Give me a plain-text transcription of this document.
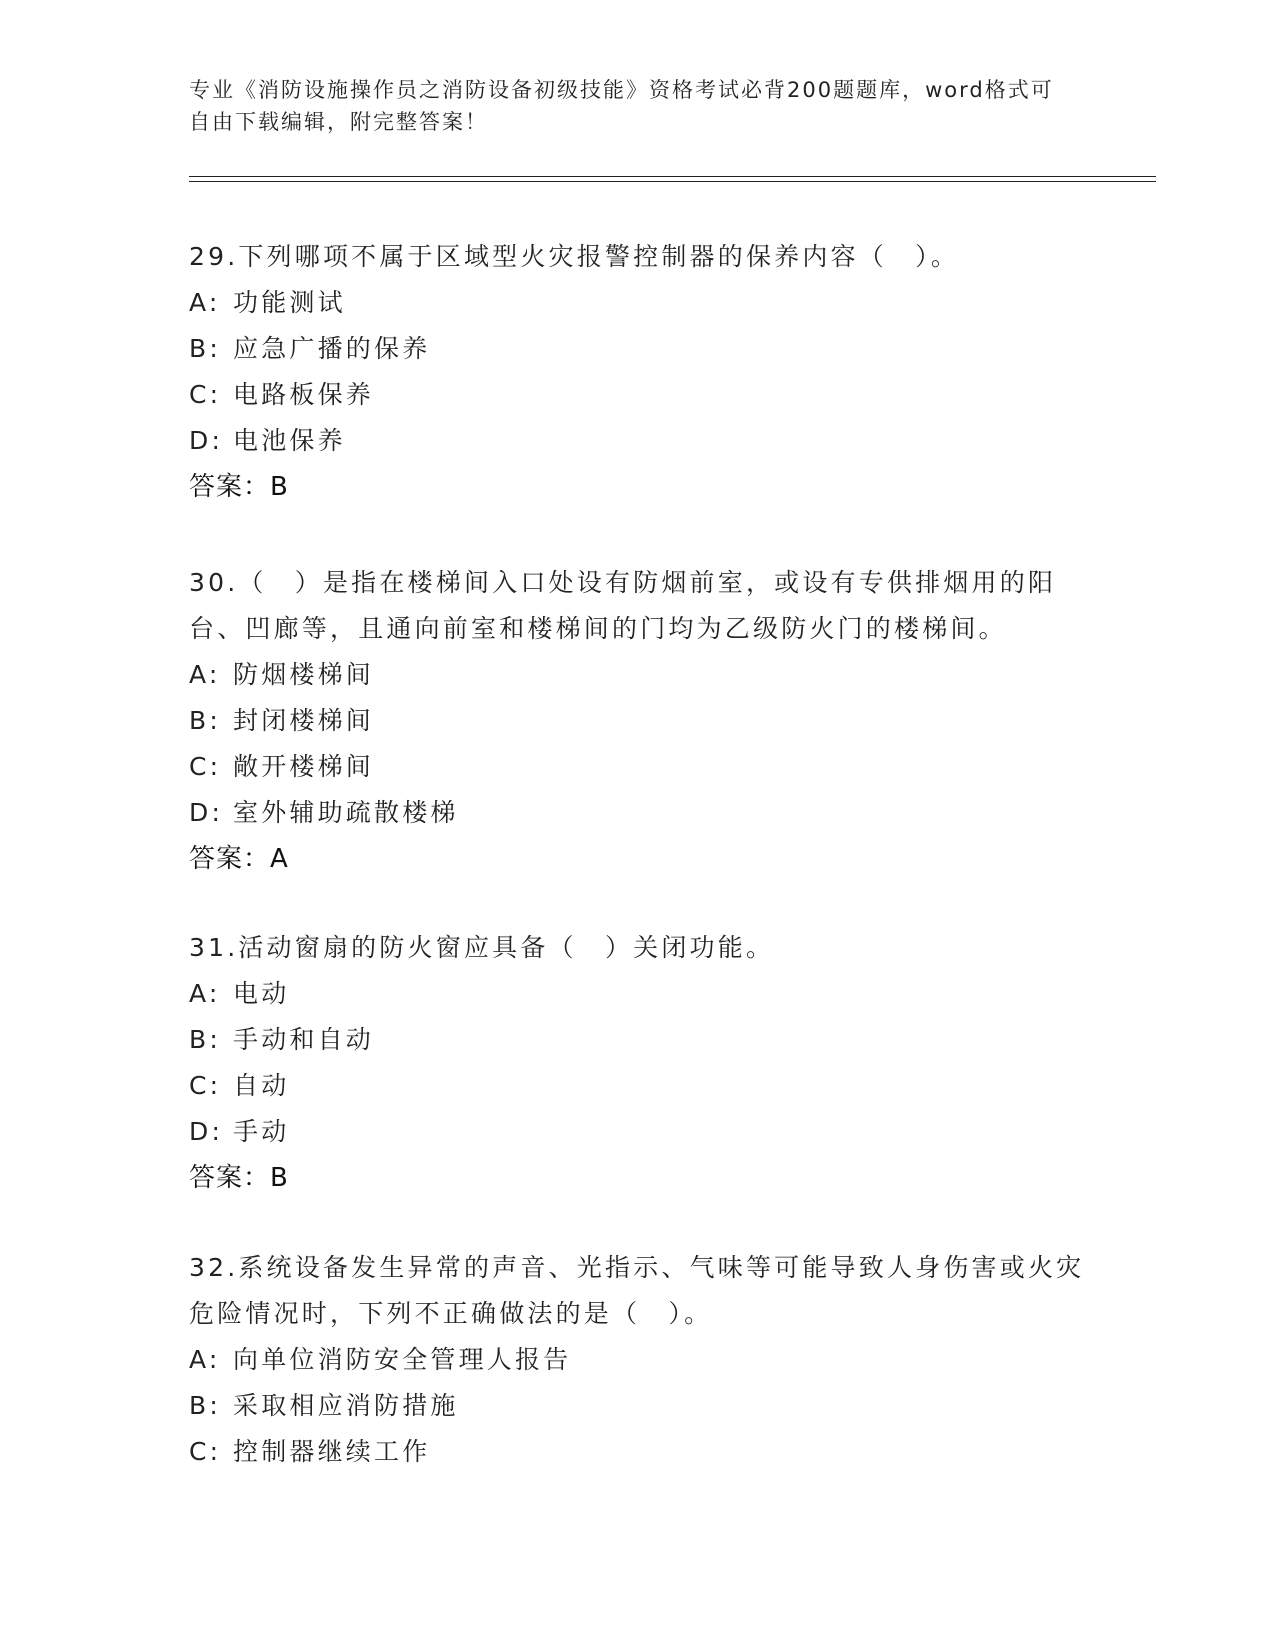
专业《消防设施操作员之消防设备初级技能》资格考试必背200题题库，word格式可自由下载编辑，附完整答案！
29.下列哪项不属于区域型火灾报警控制器的保养内容（　）。
A: 功能测试
B: 应急广播的保养
C: 电路板保养
D: 电池保养
答案：B
30.（　）是指在楼梯间入口处设有防烟前室，或设有专供排烟用的阳台、凹廊等，且通向前室和楼梯间的门均为乙级防火门的楼梯间。
A: 防烟楼梯间
B: 封闭楼梯间
C: 敞开楼梯间
D: 室外辅助疏散楼梯
答案：A
31.活动窗扇的防火窗应具备（　）关闭功能。
A: 电动
B: 手动和自动
C: 自动
D: 手动
答案：B
32.系统设备发生异常的声音、光指示、气味等可能导致人身伤害或火灾危险情况时，下列不正确做法的是（　）。
A: 向单位消防安全管理人报告
B: 采取相应消防措施
C: 控制器继续工作
